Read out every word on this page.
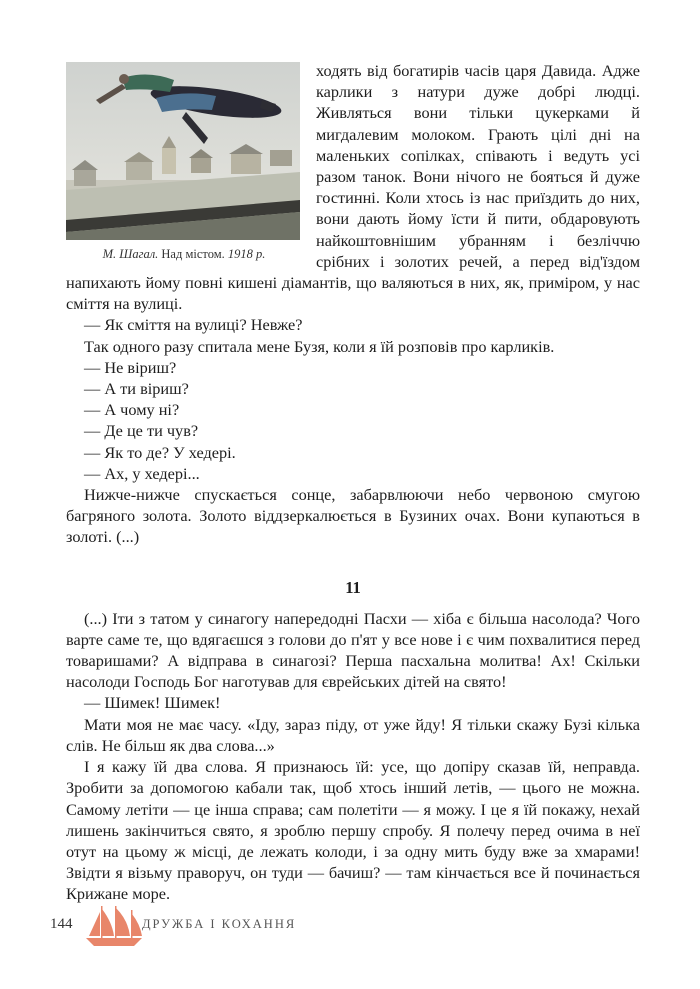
М. Шагал. Над містом. 1918 р.

ходять від богатирів часів царя Давида. Адже карлики з натури дуже добрі людці. Живляться вони тільки цукерками й мигдалевим молоком. Грають цілі дні на маленьких сопілках, співають і ведуть усі разом танок. Вони нічого не бояться й дуже гостинні. Коли хтось із нас приїздить до них, вони дають йому їсти й пити, обдаровують найкоштовнішим убранням і безліччю срібних і золотих речей, а перед від'їздом напихають йому повні кишені діамантів, що валяються в них, як, приміром, у нас сміття на вулиці.

— Як сміття на вулиці? Невже?

Так одного разу спитала мене Бузя, коли я їй розповів про карликів.

— Не віриш?

— А ти віриш?

— А чому ні?

— Де це ти чув?

— Як то де? У хедері.

— Ах, у хедері...

Нижче-нижче спускається сонце, забарвлюючи небо червоною смугою багряного золота. Золото віддзеркалюється в Бузиних очах. Вони купаються в золоті. (...)

11

(...) Іти з татом у синагогу напередодні Пасхи — хіба є більша насолода? Чого варте саме те, що вдягаєшся з голови до п'ят у все нове і є чим похвалитися перед товаришами? А відправа в синагозі? Перша пасхальна молитва! Ах! Скільки насолоди Господь Бог наготував для єврейських дітей на свято!

— Шимек! Шимек!

Мати моя не має часу. «Іду, зараз піду, от уже йду! Я тільки скажу Бузі кілька слів. Не більш як два слова...»

І я кажу їй два слова. Я признаюсь їй: усе, що допіру сказав їй, неправда. Зробити за допомогою кабали так, щоб хтось інший летів, — цього не можна. Самому летіти — це інша справа; сам полетіти — я можу. І це я їй покажу, нехай лишень закінчиться свято, я зроблю першу спробу. Я полечу перед очима в неї отут на цьому ж місці, де лежать колоди, і за одну мить буду вже за хмарами! Звідти я візьму праворуч, он туди — бачиш? — там кінчається все й починається Крижане море.

144	ДРУЖБА І КОХАННЯ
